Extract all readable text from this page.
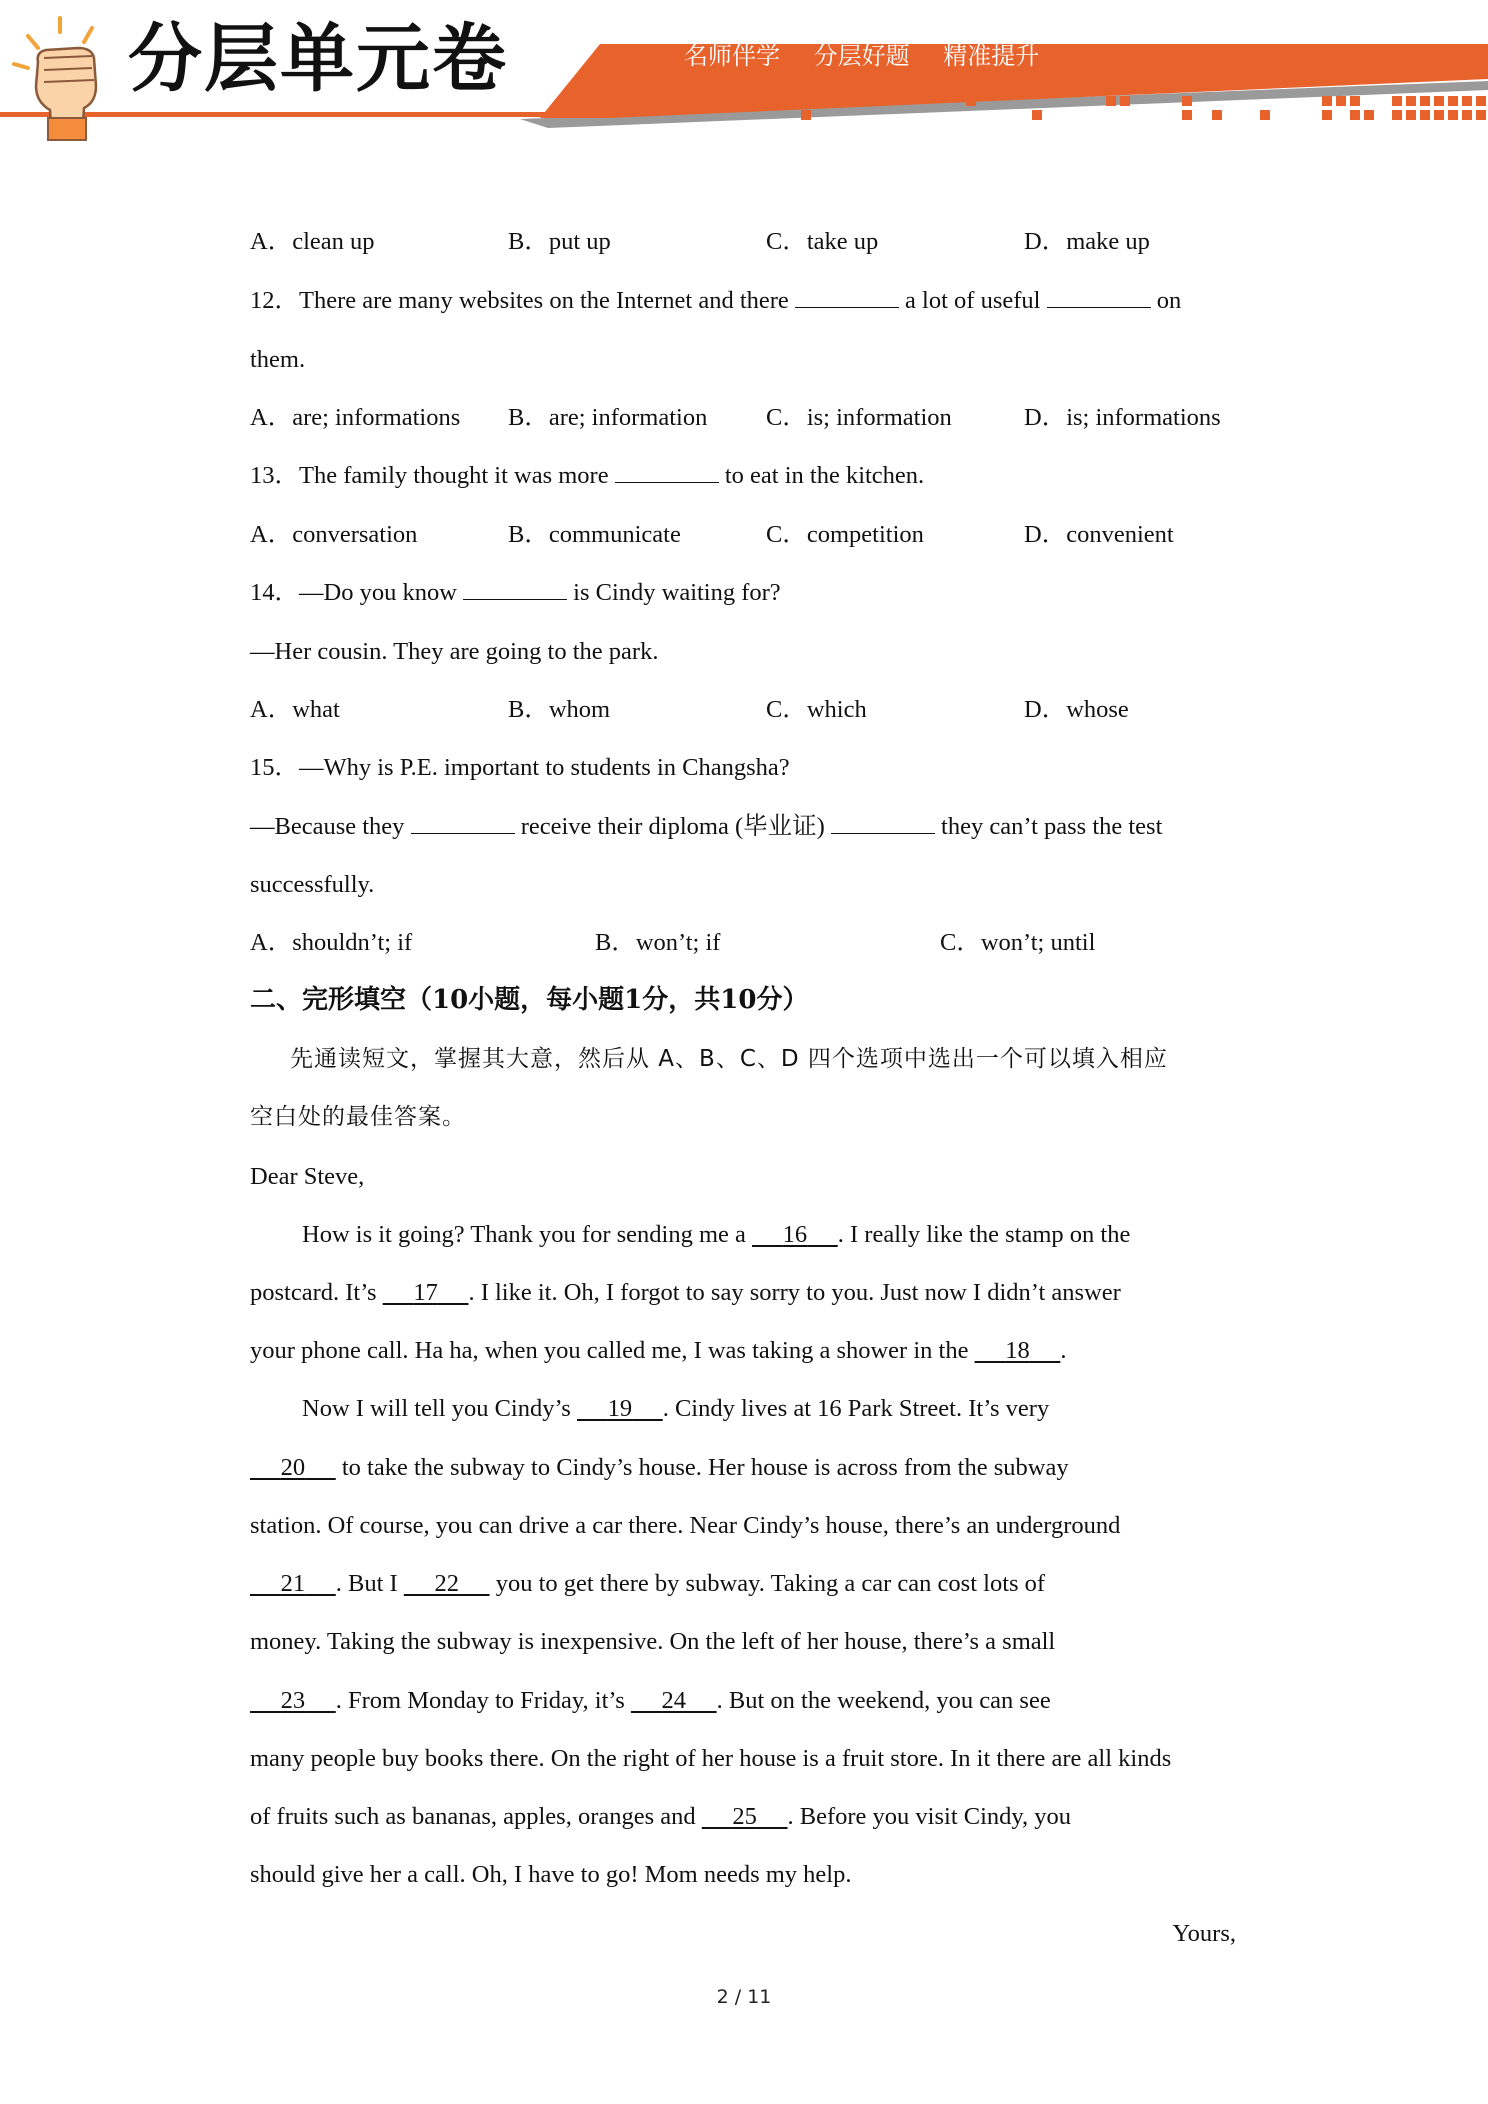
分层单元卷	名师伴学 分层好题 精准提升
A．clean up	B．put up	C．take up	D．make up
12．There are many websites on the Internet and there	a lot of useful	on
them.
A．are; informations B．are; information C．is; information	D．is; informations
13．The family thought it was more	to eat in the kitchen.
A．conversation	B．communicate	C．competition	D．convenient
14．—Do you know	is Cindy waiting for?
—Her cousin. They are going to the park.
A．what	B．whom	C．which	D．whose
15．—Why is P.E. important to students in Changsha?
—Because they	receive their diploma (毕业证)	they can’t pass the test
successfully.
A．shouldn’t; if	B．won’t; if	C．won’t; until
二、完形填空（10小题，每小题1分，共10分）
先通读短文，掌握其大意，然后从 A、B、C、D 四个选项中选出一个可以填入相应
空白处的最佳答案。
Dear Steve,
How is it going? Thank you for sending me a 16 . I really like the stamp on the
postcard. It’s 17 . I like it. Oh, I forgot to say sorry to you. Just now I didn’t answer
your phone call. Ha ha, when you called me, I was taking a shower in the 18 .
Now I will tell you Cindy’s 19 . Cindy lives at 16 Park Street. It’s very
20 to take the subway to Cindy’s house. Her house is across from the subway
station. Of course, you can drive a car there. Near Cindy’s house, there’s an underground
21 . But I 22 you to get there by subway. Taking a car can cost lots of
money. Taking the subway is inexpensive. On the left of her house, there’s a small
23 . From Monday to Friday, it’s 24 . But on the weekend, you can see
many people buy books there. On the right of her house is a fruit store. In it there are all kinds
of fruits such as bananas, apples, oranges and 25 . Before you visit Cindy, you
should give her a call. Oh, I have to go! Mom needs my help.
Yours,
2 / 11
